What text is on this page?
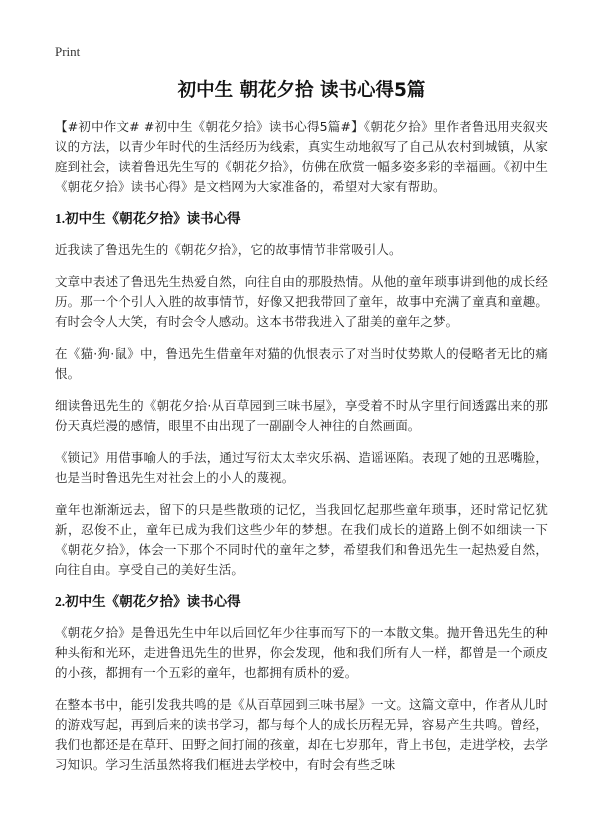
Print
初中生 朝花夕拾 读书心得5篇

【#初中作文# #初中生《朝花夕拾》读书心得5篇#】《朝花夕拾》里作者鲁迅用夹叙夹议的方法，以青少年时代的生活经历为线索，真实生动地叙写了自己从农村到城镇，从家庭到社会，读着鲁迅先生写的《朝花夕拾》，仿佛在欣赏一幅多姿多彩的幸福画。《初中生《朝花夕拾》读书心得》是文档网为大家准备的，希望对大家有帮助。

1.初中生《朝花夕拾》读书心得

近我读了鲁迅先生的《朝花夕拾》，它的故事情节非常吸引人。

文章中表述了鲁迅先生热爱自然，向往自由的那股热情。从他的童年琐事讲到他的成长经历。那一个个引人入胜的故事情节，好像又把我带回了童年，故事中充满了童真和童趣。有时会令人大笑，有时会令人感动。这本书带我进入了甜美的童年之梦。

在《猫·狗·鼠》中，鲁迅先生借童年对猫的仇恨表示了对当时仗势欺人的侵略者无比的痛恨。

细读鲁迅先生的《朝花夕拾·从百草园到三味书屋》，享受着不时从字里行间透露出来的那份天真烂漫的感情，眼里不由出现了一副副令人神往的自然画面。

《锁记》用借事喻人的手法，通过写衍太太幸灾乐祸、造谣诬陷。表现了她的丑恶嘴脸，也是当时鲁迅先生对社会上的小人的蔑视。

童年也渐渐远去，留下的只是些散琐的记忆，当我回忆起那些童年琐事，还时常记忆犹新，忍俊不止，童年已成为我们这些少年的梦想。在我们成长的道路上倒不如细读一下《朝花夕拾》，体会一下那个不同时代的童年之梦，希望我们和鲁迅先生一起热爱自然，向往自由。享受自己的美好生活。

2.初中生《朝花夕拾》读书心得

《朝花夕拾》是鲁迅先生中年以后回忆年少往事而写下的一本散文集。抛开鲁迅先生的种种头衔和光环，走进鲁迅先生的世界，你会发现，他和我们所有人一样，都曾是一个顽皮的小孩，都拥有一个五彩的童年，也都拥有质朴的爱。

在整本书中，能引发我共鸣的是《从百草园到三味书屋》一文。这篇文章中，作者从儿时的游戏写起，再到后来的读书学习，都与每个人的成长历程无异，容易产生共鸣。曾经，我们也都还是在草玕、田野之间打闹的孩童，却在七岁那年，背上书包，走进学校，去学习知识。学习生活虽然将我们框进去学校中，有时会有些乏味
